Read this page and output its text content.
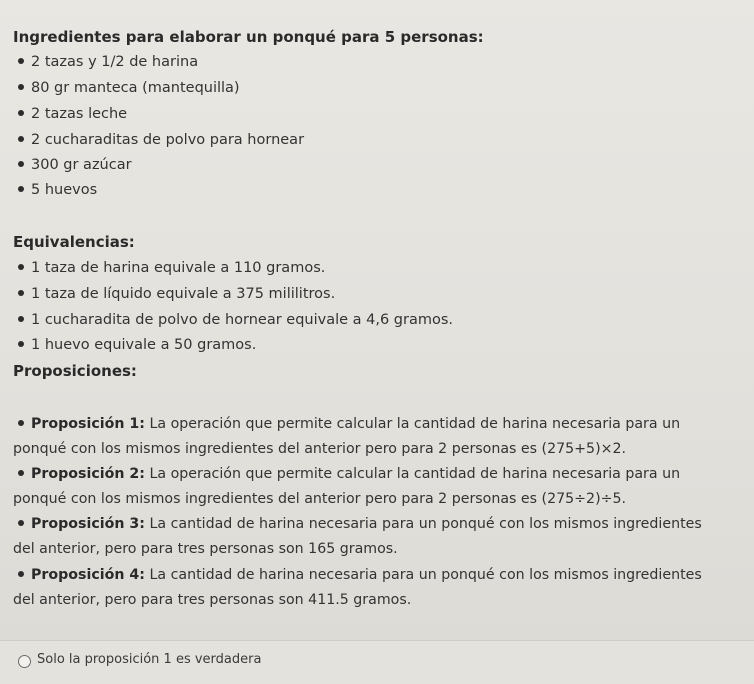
Ingredientes para elaborar un ponqué para 5 personas:
2 tazas y 1/2 de harina
80 gr manteca (mantequilla)
2 tazas leche
2 cucharaditas de polvo para hornear
300 gr azúcar
5 huevos
Equivalencias:
1 taza de harina equivale a 110 gramos.
1 taza de líquido equivale a 375 mililitros.
1 cucharadita de polvo de hornear equivale a 4,6 gramos.
1 huevo equivale a 50 gramos.
Proposiciones:
Proposición 1: La operación que permite calcular la cantidad de harina necesaria para un
ponqué con los mismos ingredientes del anterior pero para 2 personas es (275+5)×2.
Proposición 2: La operación que permite calcular la cantidad de harina necesaria para un
ponqué con los mismos ingredientes del anterior pero para 2 personas es (275÷2)÷5.
Proposición 3: La cantidad de harina necesaria para un ponqué con los mismos ingredientes
del anterior, pero para tres personas son 165 gramos.
Proposición 4: La cantidad de harina necesaria para un ponqué con los mismos ingredientes
del anterior, pero para tres personas son 411.5 gramos.
Solo la proposición 1 es verdadera
